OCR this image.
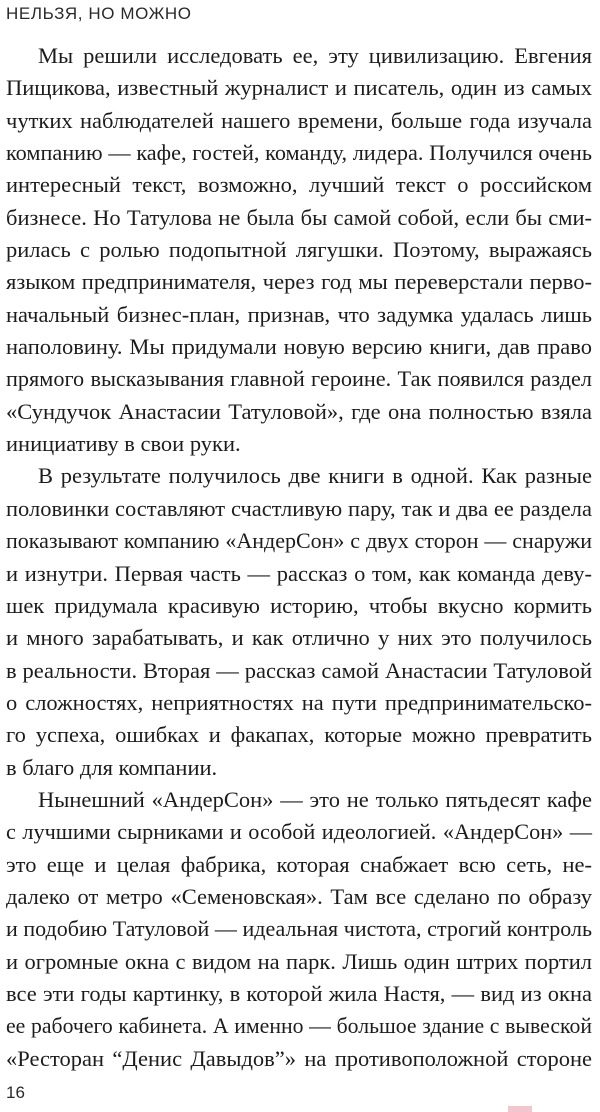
НЕЛЬЗЯ, НО МОЖНО
Мы решили исследовать ее, эту цивилизацию. Евгения
Пищикова, известный журналист и писатель, один из самых
чутких наблюдателей нашего времени, больше года изучала
компанию — кафе, гостей, команду, лидера. Получился очень
интересный текст, возможно, лучший текст о российском
бизнесе. Но Татулова не была бы самой собой, если бы сми-
рилась с ролью подопытной лягушки. Поэтому, выражаясь
языком предпринимателя, через год мы переверстали перво-
начальный бизнес-план, признав, что задумка удалась лишь
наполовину. Мы придумали новую версию книги, дав право
прямого высказывания главной героине. Так появился раздел
«Сундучок Анастасии Татуловой», где она полностью взяла
инициативу в свои руки.
В результате получилось две книги в одной. Как разные
половинки составляют счастливую пару, так и два ее раздела
показывают компанию «АндерСон» с двух сторон — снаружи
и изнутри. Первая часть — рассказ о том, как команда деву-
шек придумала красивую историю, чтобы вкусно кормить
и много зарабатывать, и как отлично у них это получилось
в реальности. Вторая — рассказ самой Анастасии Татуловой
о сложностях, неприятностях на пути предпринимательско-
го успеха, ошибках и факапах, которые можно превратить
в благо для компании.
Нынешний «АндерСон» — это не только пятьдесят кафе
с лучшими сырниками и особой идеологией. «АндерСон» —
это еще и целая фабрика, которая снабжает всю сеть, не-
далеко от метро «Семеновская». Там все сделано по образу
и подобию Татуловой — идеальная чистота, строгий контроль
и огромные окна с видом на парк. Лишь один штрих портил
все эти годы картинку, в которой жила Настя, — вид из окна
ее рабочего кабинета. А именно — большое здание с вывеской
«Ресторан “Денис Давыдов”» на противоположной стороне
16
